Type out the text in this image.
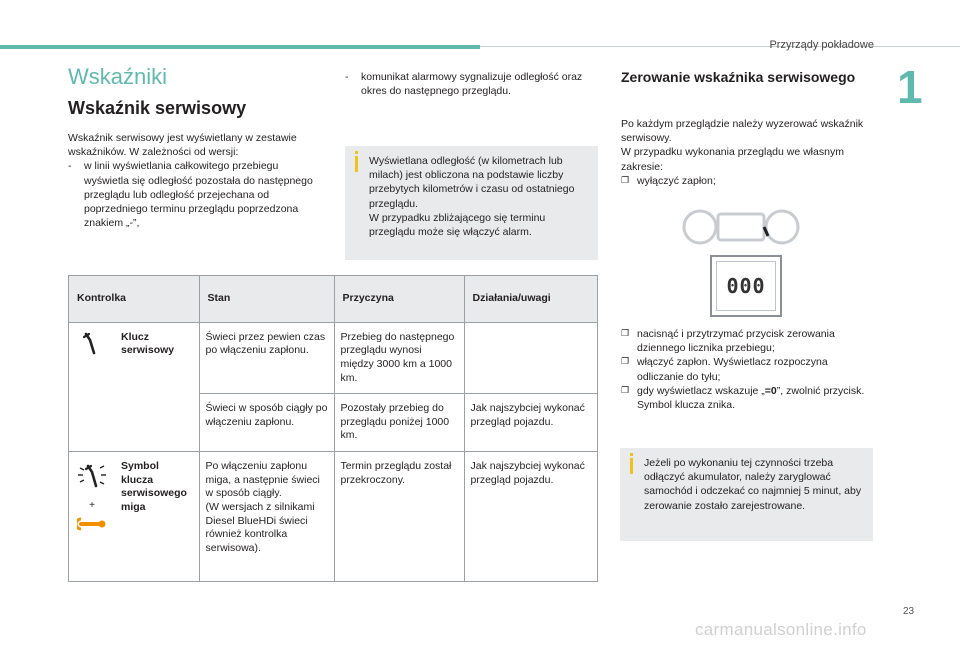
Przyrządy pokładowe
1
Wskaźniki
Wskaźnik serwisowy
Wskaźnik serwisowy jest wyświetlany w zestawie wskaźników. W zależności od wersji:
-	w linii wyświetlania całkowitego przebiegu wyświetla się odległość pozostała do następnego przeglądu lub odległość przejechana od poprzedniego terminu przeglądu poprzedzona znakiem „-”,
-	komunikat alarmowy sygnalizuje odległość oraz okres do następnego przeglądu.
Wyświetlana odległość (w kilometrach lub milach) jest obliczona na podstawie liczby przebytych kilometrów i czasu od ostatniego przeglądu.
W przypadku zbliżającego się terminu przeglądu może się włączyć alarm.
Zerowanie wskaźnika serwisowego
Po każdym przeglądzie należy wyzerować wskaźnik serwisowy.
W przypadku wykonania przeglądu we własnym zakresie:
❐ wyłączyć zapłon;
000
❐ nacisnąć i przytrzymać przycisk zerowania dziennego licznika przebiegu;
❐ włączyć zapłon. Wyświetlacz rozpoczyna odliczanie do tyłu;
❐ gdy wyświetlacz wskazuje „=0”, zwolnić przycisk. Symbol klucza znika.
Jeżeli po wykonaniu tej czynności trzeba odłączyć akumulator, należy zaryglować samochód i odczekać co najmniej 5 minut, aby zerowanie zostało zarejestrowane.
Kontrolka		Stan	Przyczyna	Działania/uwagi
	Klucz serwisowy	Świeci przez pewien czas po włączeniu zapłonu.	Przebieg do następnego przeglądu wynosi między 3000 km a 1000 km.	
		Świeci w sposób ciągły po włączeniu zapłonu.	Pozostały przebieg do przeglądu poniżej 1000 km.	Jak najszybciej wykonać przegląd pojazdu.

+	Symbol klucza serwisowego miga	Po włączeniu zapłonu miga, a następnie świeci w sposób ciągły.
(W wersjach z silnikami Diesel BlueHDi świeci również kontrolka serwisowa).	Termin przeglądu został przekroczony.	Jak najszybciej wykonać przegląd pojazdu.
23
carmanualsonline.info
